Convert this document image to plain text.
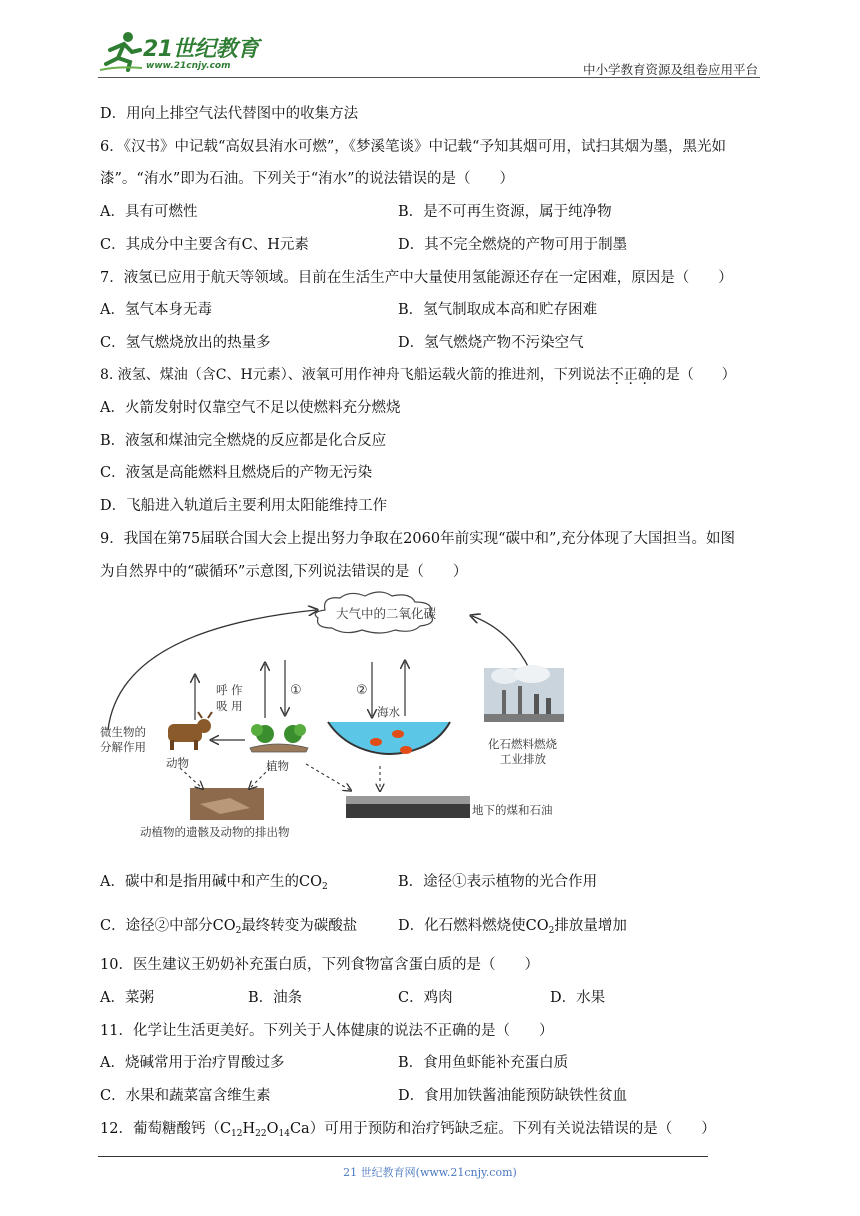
21世纪教育
www.21cnjy.com	中小学教育资源及组卷应用平台
D．用向上排空气法代替图中的收集方法
6．《汉书》中记载“高奴县洧水可燃”，《梦溪笔谈》中记载“予知其烟可用，试扫其烟为墨，黑光如
漆”。“洧水”即为石油。下列关于“洧水”的说法错误的是（　　）
A．具有可燃性	B．是不可再生资源，属于纯净物
C．其成分中主要含有C、H元素	D．其不完全燃烧的产物可用于制墨
7．液氢已应用于航天等领域。目前在生活生产中大量使用氢能源还存在一定困难，原因是（　　）
A．氢气本身无毒	B．氢气制取成本高和贮存困难
C．氢气燃烧放出的热量多	D．氢气燃烧产物不污染空气
8. 液氢、煤油（含C、H元素）、液氧可用作神舟飞船运载火箭的推进剂，下列说法不正确的是（　　）
A．火箭发射时仅靠空气不足以使燃料充分燃烧
B．液氢和煤油完全燃烧的反应都是化合反应
C．液氢是高能燃料且燃烧后的产物无污染
D．飞船进入轨道后主要利用太阳能维持工作
9．我国在第75届联合国大会上提出努力争取在2060年前实现“碳中和”,充分体现了大国担当。如图
为自然界中的“碳循环”示意图,下列说法错误的是（　　）
大气中的二氧化碳
呼 作
吸 用
①	②
微生物的
分解作用
动物	植物
海水
化石燃料燃烧
工业排放
动植物的遗骸及动物的排出物
地下的煤和石油
A．碳中和是指用碱中和产生的$CO_2$	B．途径①表示植物的光合作用
C．途径②中部分$CO_2$最终转变为碳酸盐	D．化石燃料燃烧使$CO_2$排放量增加
10．医生建议王奶奶补充蛋白质，下列食物富含蛋白质的是（　　）
A．菜粥	B．油条	C．鸡肉	D．水果
11．化学让生活更美好。下列关于人体健康的说法不正确的是（　　）
A．烧碱常用于治疗胃酸过多	B．食用鱼虾能补充蛋白质
C．水果和蔬菜富含维生素	D．食用加铁酱油能预防缺铁性贫血
12．葡萄糖酸钙$(C_{12}H_{22}O_{14}Ca)$可用于预防和治疗钙缺乏症。下列有关说法错误的是（　　）
21 世纪教育网(www.21cnjy.com)
